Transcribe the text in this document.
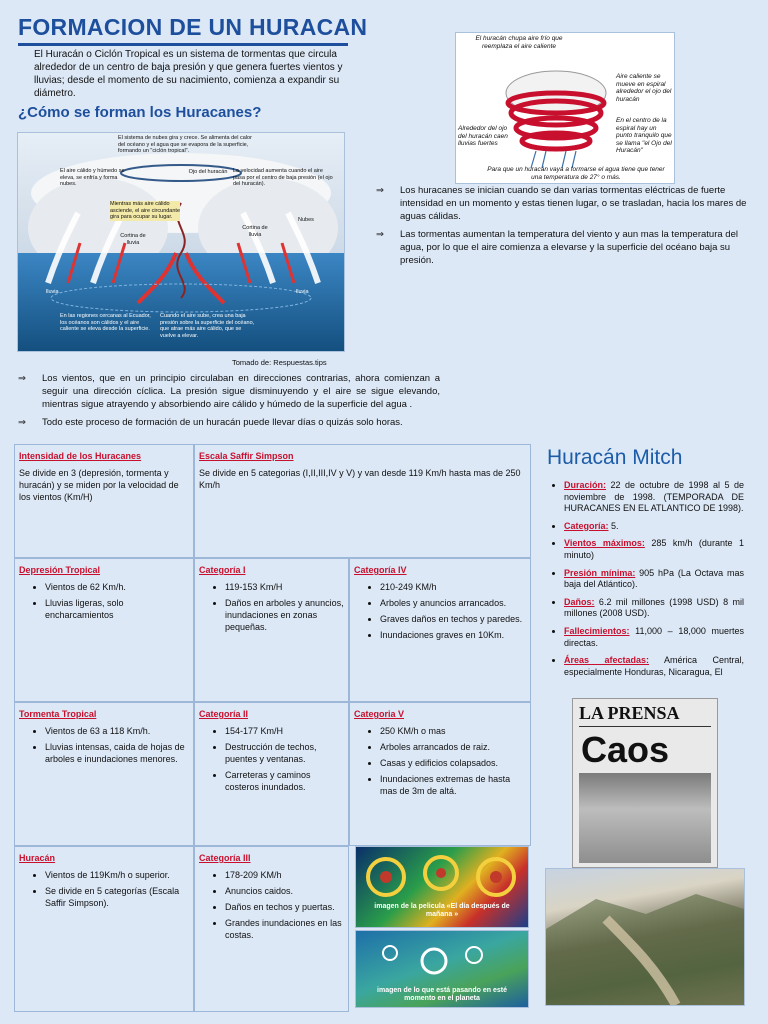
FORMACION DE UN HURACAN
El Huracán o Ciclón Tropical es un sistema de tormentas que circula alrededor de un centro de baja presión y que genera fuertes vientos y lluvias; desde el momento de su nacimiento, comienza a expandir su diámetro.
¿Cómo se forman los Huracanes?
El sistema de nubes gira y crece. Se alimenta del calor del océano y el agua que se evapora de la superficie, formando un "ciclón tropical".
El aire cálido y húmedo se eleva, se enfría y forma nubes.
La velocidad aumenta cuando el aire pasa por el centro de baja presión (el ojo del huracán).
Mientras más aire cálido asciende, el aire circundante gira para ocupar su lugar.
Ojo del huracán
Nubes
Cortina de lluvia
Cortina de lluvia
lluvia	lluvia
En las regiones cercanas al Ecuador, los océanos son cálidos y el aire caliente se eleva desde la superficie.
Cuando el aire sube, crea una baja presión sobre la superficie del océano, que atrae más aire cálido, que se vuelve a elevar.
El huracán chupa aire frío que reemplaza el aire caliente
Aire caliente se mueve en espiral alrededor el ojo del huracán
En el centro de la espiral hay un punto tranquilo que se llama "el Ojo del Huracán"
Alrededor del ojo del huracán caen lluvias fuertes
Para que un huracán vaya a formarse el agua tiene que tener una temperatura de 27° o más.
Tomado de: Respuestas.tips
⇒ Los huracanes se inician cuando se dan varias tormentas eléctricas de fuerte intensidad en un momento y estas tienen lugar, o se trasladan, hacia los mares de aguas cálidas.
⇒ Las tormentas aumentan la temperatura del viento y aun mas la temperatura del agua, por lo que el aire comienza a elevarse y la superficie del océano baja su presión.
⇒ Los vientos, que en un principio circulaban en direcciones contrarias, ahora comienzan a seguir una dirección cíclica. La presión sigue disminuyendo y el aire se sigue elevando, mientras sigue atrayendo y absorbiendo aire cálido y húmedo de la superficie del agua .
⇒ Todo este proceso de formación de un huracán puede llevar días o quizás solo horas.
Intensidad de los Huracanes
Se divide en 3 (depresión, tormenta y huracán) y se miden por la velocidad de los vientos (Km/H)
Escala Saffir Simpson
Se divide en 5 categorias (I,II,III,IV y V) y van desde 119 Km/h hasta mas de 250 Km/h
Depresión Tropical
• Vientos de 62 Km/h.
• Lluvias ligeras, solo encharcamientos
Categoría I
• 119-153 Km/H
• Daños en arboles y anuncios, inundaciones en zonas pequeñas.
Categoría IV
• 210-249 KM/h
• Arboles y anuncios arrancados.
• Graves daños en techos y paredes.
• Inundaciones graves en 10Km.
Tormenta Tropical
• Vientos de 63 a 118 Km/h.
• Lluvias intensas, caida de hojas de arboles e inundaciones menores.
Categoría II
• 154-177 Km/H
• Destrucción de techos, puentes y ventanas.
• Carreteras y caminos costeros inundados.
Categoria V
• 250 KM/h o mas
• Arboles arrancados de raiz.
• Casas y edificios colapsados.
• Inundaciones extremas de hasta mas de 3m de altá.
Huracán
• Vientos de 119Km/h o superior.
• Se divide en 5 categorías (Escala Saffir Simpson).
Categoría III
• 178-209 KM/h
• Anuncios caidos.
• Daños en techos y puertas.
• Grandes inundaciones en las costas.
imagen de la pelicula «El día después de mañana »
imagen de lo que está pasando en esté momento en el planeta
Huracán Mitch
• Duración: 22 de octubre de 1998 al 5 de noviembre de 1998. (TEMPORADA DE HURACANES EN EL ATLANTICO DE 1998).
• Categoría: 5.
• Vientos máximos: 285 km/h (durante 1 minuto)
• Presión mínima: 905 hPa (La Octava mas baja del Atlántico).
• Daños: 6.2 mil millones (1998 USD) 8 mil millones (2008 USD).
• Fallecimientos: 11,000 – 18,000 muertes directas.
• Áreas afectadas: América Central, especialmente Honduras, Nicaragua, El
LA PRENSA
Caos
